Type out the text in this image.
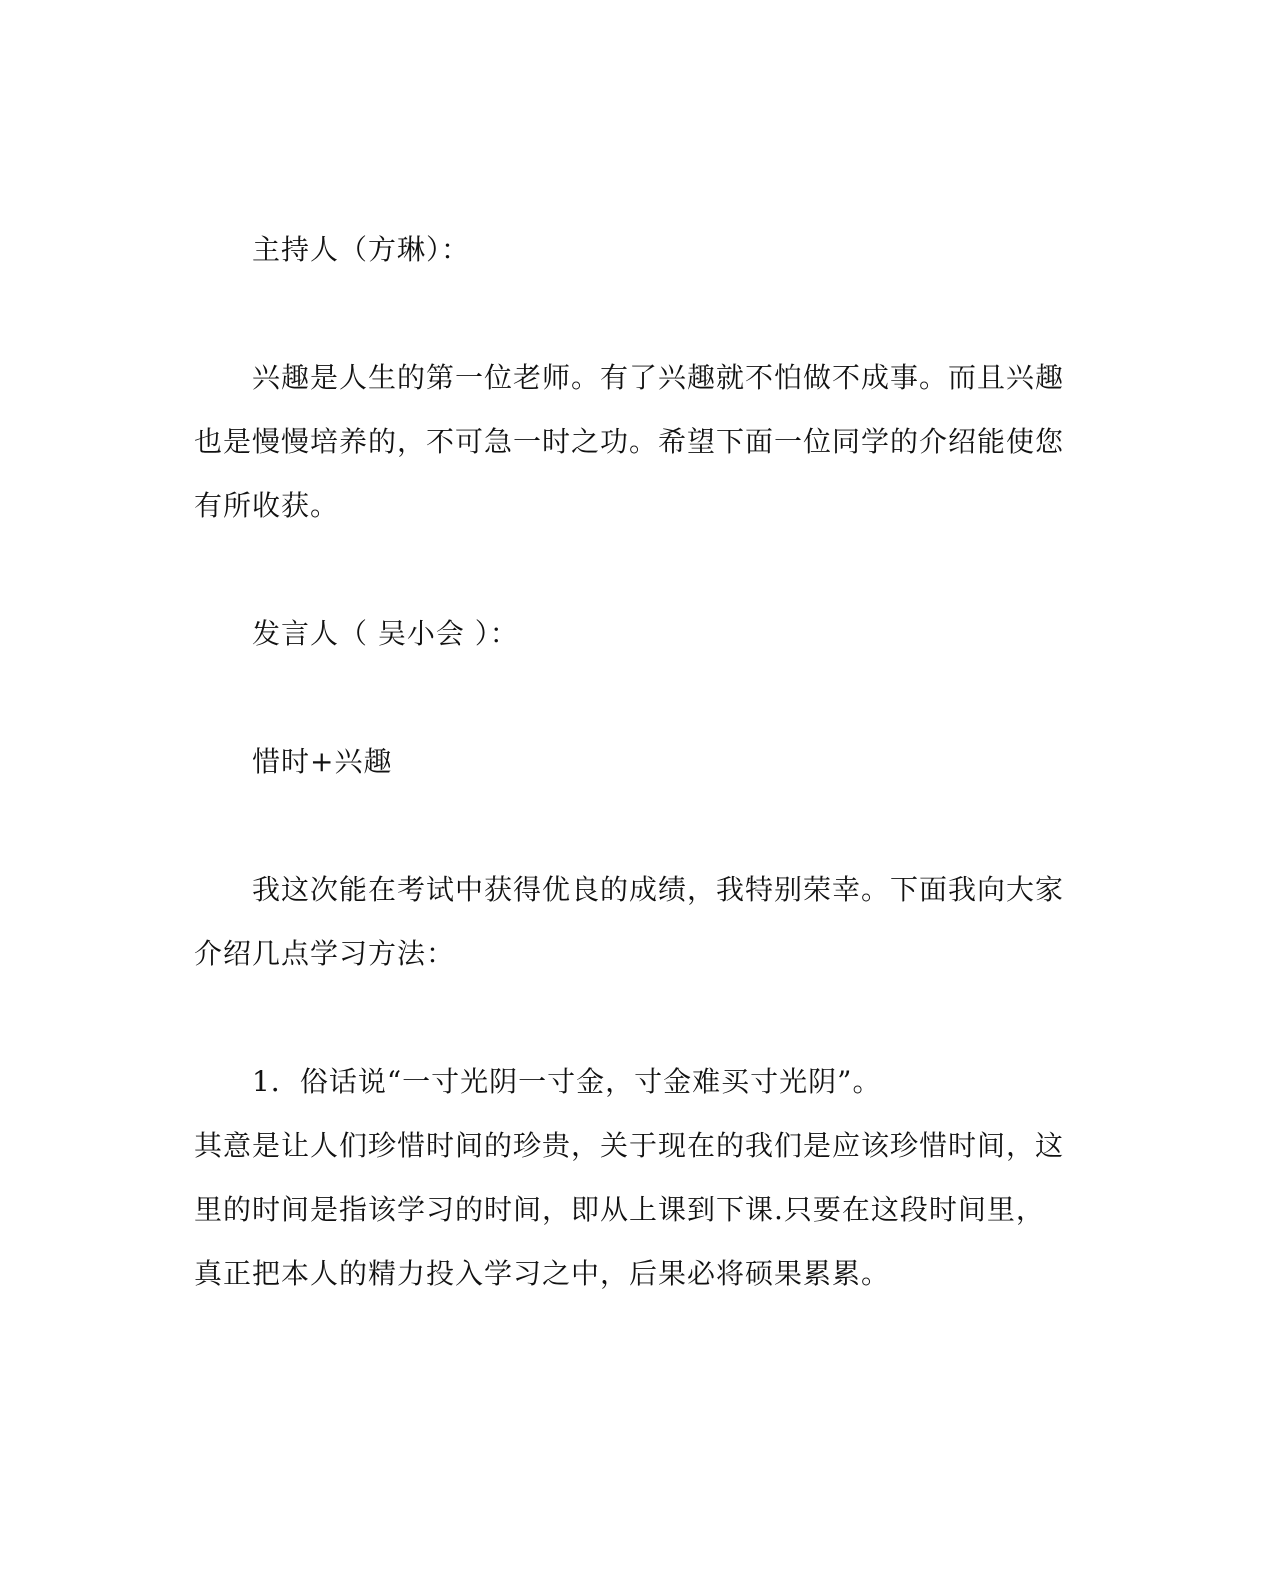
主持人（方琳）：
兴趣是人生的第一位老师。有了兴趣就不怕做不成事。而且兴趣
也是慢慢培养的，不可急一时之功。希望下面一位同学的介绍能使您
有所收获。
发言人（ 吴小会 ）：
惜时+兴趣
我这次能在考试中获得优良的成绩，我特别荣幸。下面我向大家
介绍几点学习方法：
1．俗话说“一寸光阴一寸金，寸金难买寸光阴”。
其意是让人们珍惜时间的珍贵，关于现在的我们是应该珍惜时间，这
里的时间是指该学习的时间，即从上课到下课.只要在这段时间里，
真正把本人的精力投入学习之中，后果必将硕果累累。
